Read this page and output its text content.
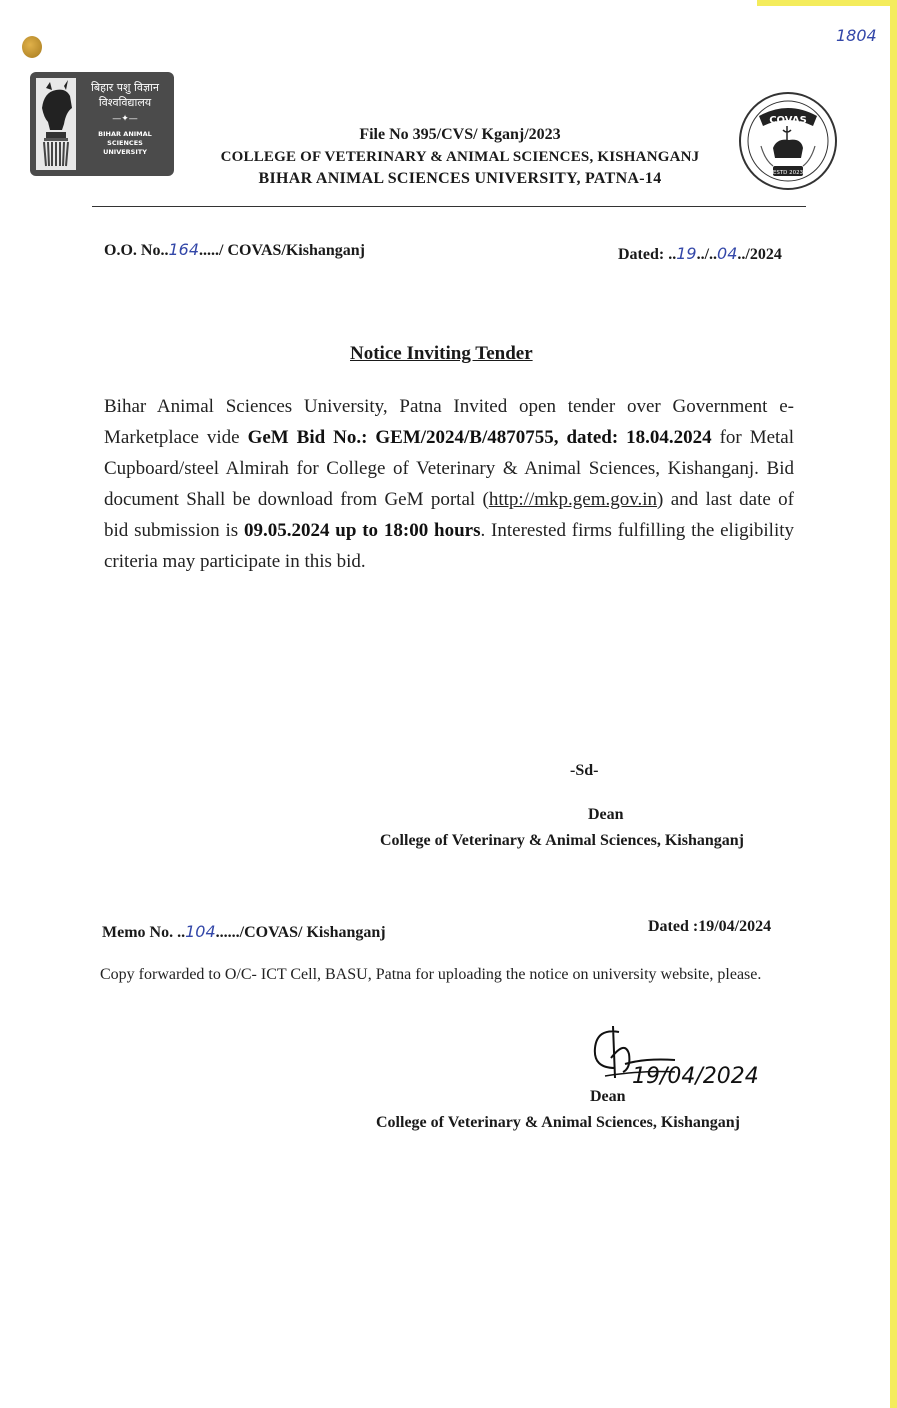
1804
बिहार पशु विज्ञान
विश्वविद्यालय
—✦—
BIHAR ANIMAL SCIENCES
UNIVERSITY
File No 395/CVS/ Kganj/2023
COLLEGE OF VETERINARY & ANIMAL SCIENCES, KISHANGANJ
BIHAR ANIMAL SCIENCES UNIVERSITY, PATNA-14
COVAS
ESTD 2023
O.O. No..164...../ COVAS/Kishanganj	Dated: ..19../..04../2024
Notice Inviting Tender
Bihar Animal Sciences University, Patna Invited open tender over Government e-Marketplace vide GeM Bid No.: GEM/2024/B/4870755, dated: 18.04.2024 for Metal Cupboard/steel Almirah for College of Veterinary & Animal Sciences, Kishanganj. Bid document Shall be download from GeM portal (http://mkp.gem.gov.in) and last date of bid submission is 09.05.2024 up to 18:00 hours. Interested firms fulfilling the eligibility criteria may participate in this bid.
-Sd-
Dean
College of Veterinary & Animal Sciences, Kishanganj
Memo No. ..104....../COVAS/ Kishanganj	Dated :19/04/2024
Copy forwarded to O/C- ICT Cell, BASU, Patna for uploading the notice on university website, please.
Dean
19/04/2024
College of Veterinary & Animal Sciences, Kishanganj
